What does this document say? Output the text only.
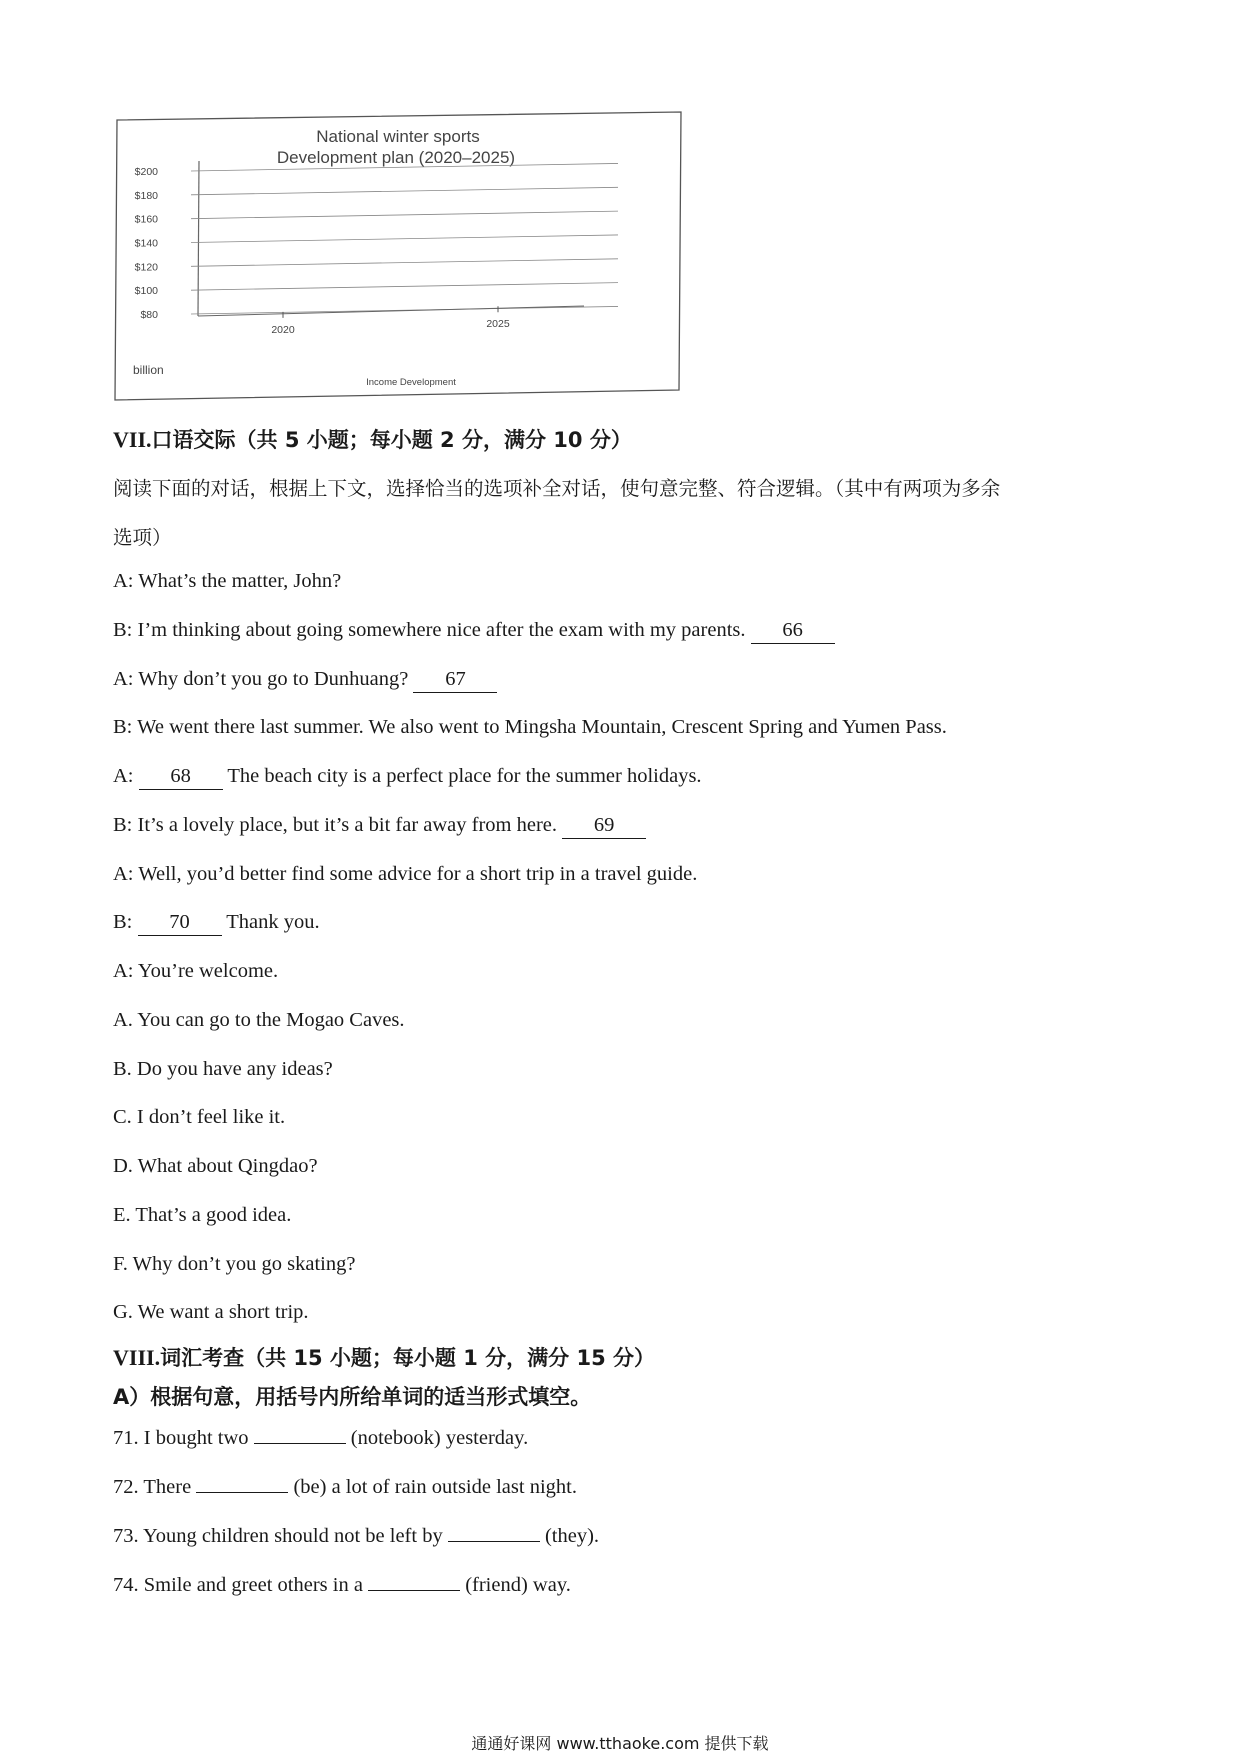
National winter sports
Development plan (2020–2025)
$200
$180
$160
$140
$120
$100
$80
2020	2025
billion
Income Development
VII.口语交际（共 5 小题；每小题 2 分，满分 10 分）
阅读下面的对话，根据上下文，选择恰当的选项补全对话，使句意完整、符合逻辑。（其中有两项为多余
选项）
A: What’s the matter, John?
B: I’m thinking about going somewhere nice after the exam with my parents. 66
A: Why don’t you go to Dunhuang? 67
B: We went there last summer. We also went to Mingsha Mountain, Crescent Spring and Yumen Pass.
A: 68 The beach city is a perfect place for the summer holidays.
B: It’s a lovely place, but it’s a bit far away from here. 69
A: Well, you’d better find some advice for a short trip in a travel guide.
B: 70 Thank you.
A: You’re welcome.
A. You can go to the Mogao Caves.
B. Do you have any ideas?
C. I don’t feel like it.
D. What about Qingdao?
E. That’s a good idea.
F. Why don’t you go skating?
G. We want a short trip.
VIII.词汇考查（共 15 小题；每小题 1 分，满分 15 分）
A）根据句意，用括号内所给单词的适当形式填空。
71. I bought two	(notebook) yesterday.
72. There	(be) a lot of rain outside last night.
73. Young children should not be left by	(they).
74. Smile and greet others in a	(friend) way.
通通好课网 www.tthaoke.com 提供下载
